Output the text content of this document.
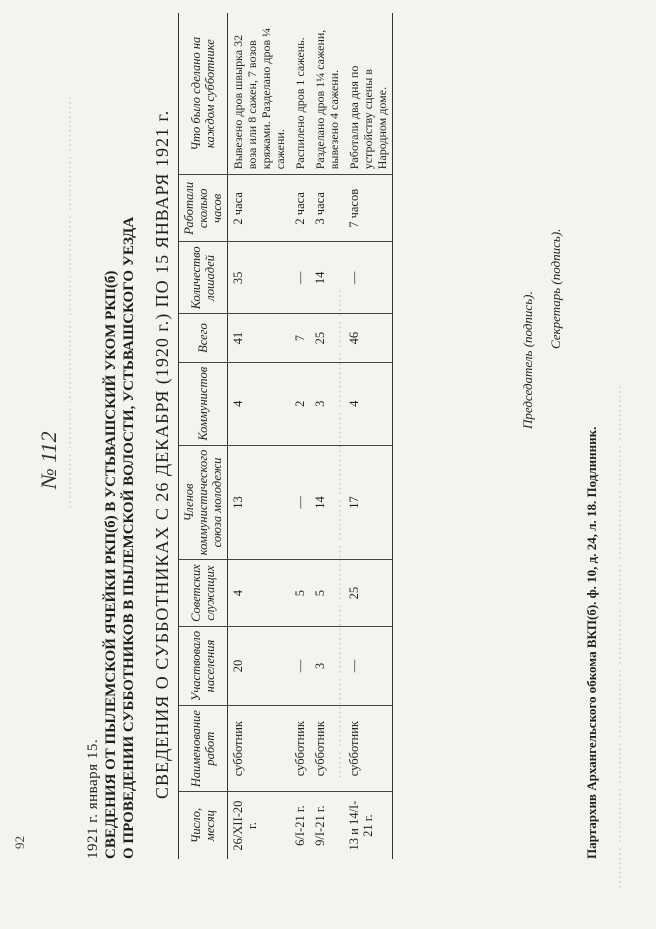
………… ……… ……………… ……… ………… ………… …………	…… …………… …………… ………… ……… ……………… ………… …… ……	……… ………… ……… …………… ………… ……… …………… ……… …………
92
№ 112
1921 г. января 15. СВЕДЕНИЯ ОТ ПЫЛЕМСКОЙ ЯЧЕЙКИ РКП(б) В УСТЬВАШСКИЙ УКОМ РКП(б) О ПРОВЕДЕНИИ СУББОТНИКОВ В ПЫЛЕМСКОЙ ВОЛОСТИ, УСТЬВАШСКОГО УЕЗДА СВЕДЕНИЯ О СУББОТНИКАХ С 26 ДЕКАБРЯ (1920 г.) ПО 15 ЯНВАРЯ 1921 г.
Число, месяц	Наименование работ	Участвовало населения	Советских служащих	Членов коммунистического союза молодежи	Коммунистов	Всего	Количество лошадей	Работали сколько часов	Что было сделано на каждом субботнике
26/XII-20 г.	субботник	20	4	13	4	41	35	2 часа	Вывезено дров швырка 32 воза или 8 сажен, 7 возов кряжами. Разделано дров ¼ сажени.
6/I-21 г.	субботник	—	5	—	2	7	—	2 часа	Распилено дров 1 сажень.
9/I-21 г.	субботник	3	5	14	3	25	14	3 часа	Разделано дров 1¼ сажени, вывезено 4 сажени.
13 и 14/I-21 г.	субботник	—	25	17	4	46	—	7 часов	Работали два дня по устройству сцены в Народном доме.
Председатель (подпись).
Секретарь (подпись).
Партархив Архангельского обкома ВКП(б). ф. 10, д. 24, л. 18. Подлинник.
